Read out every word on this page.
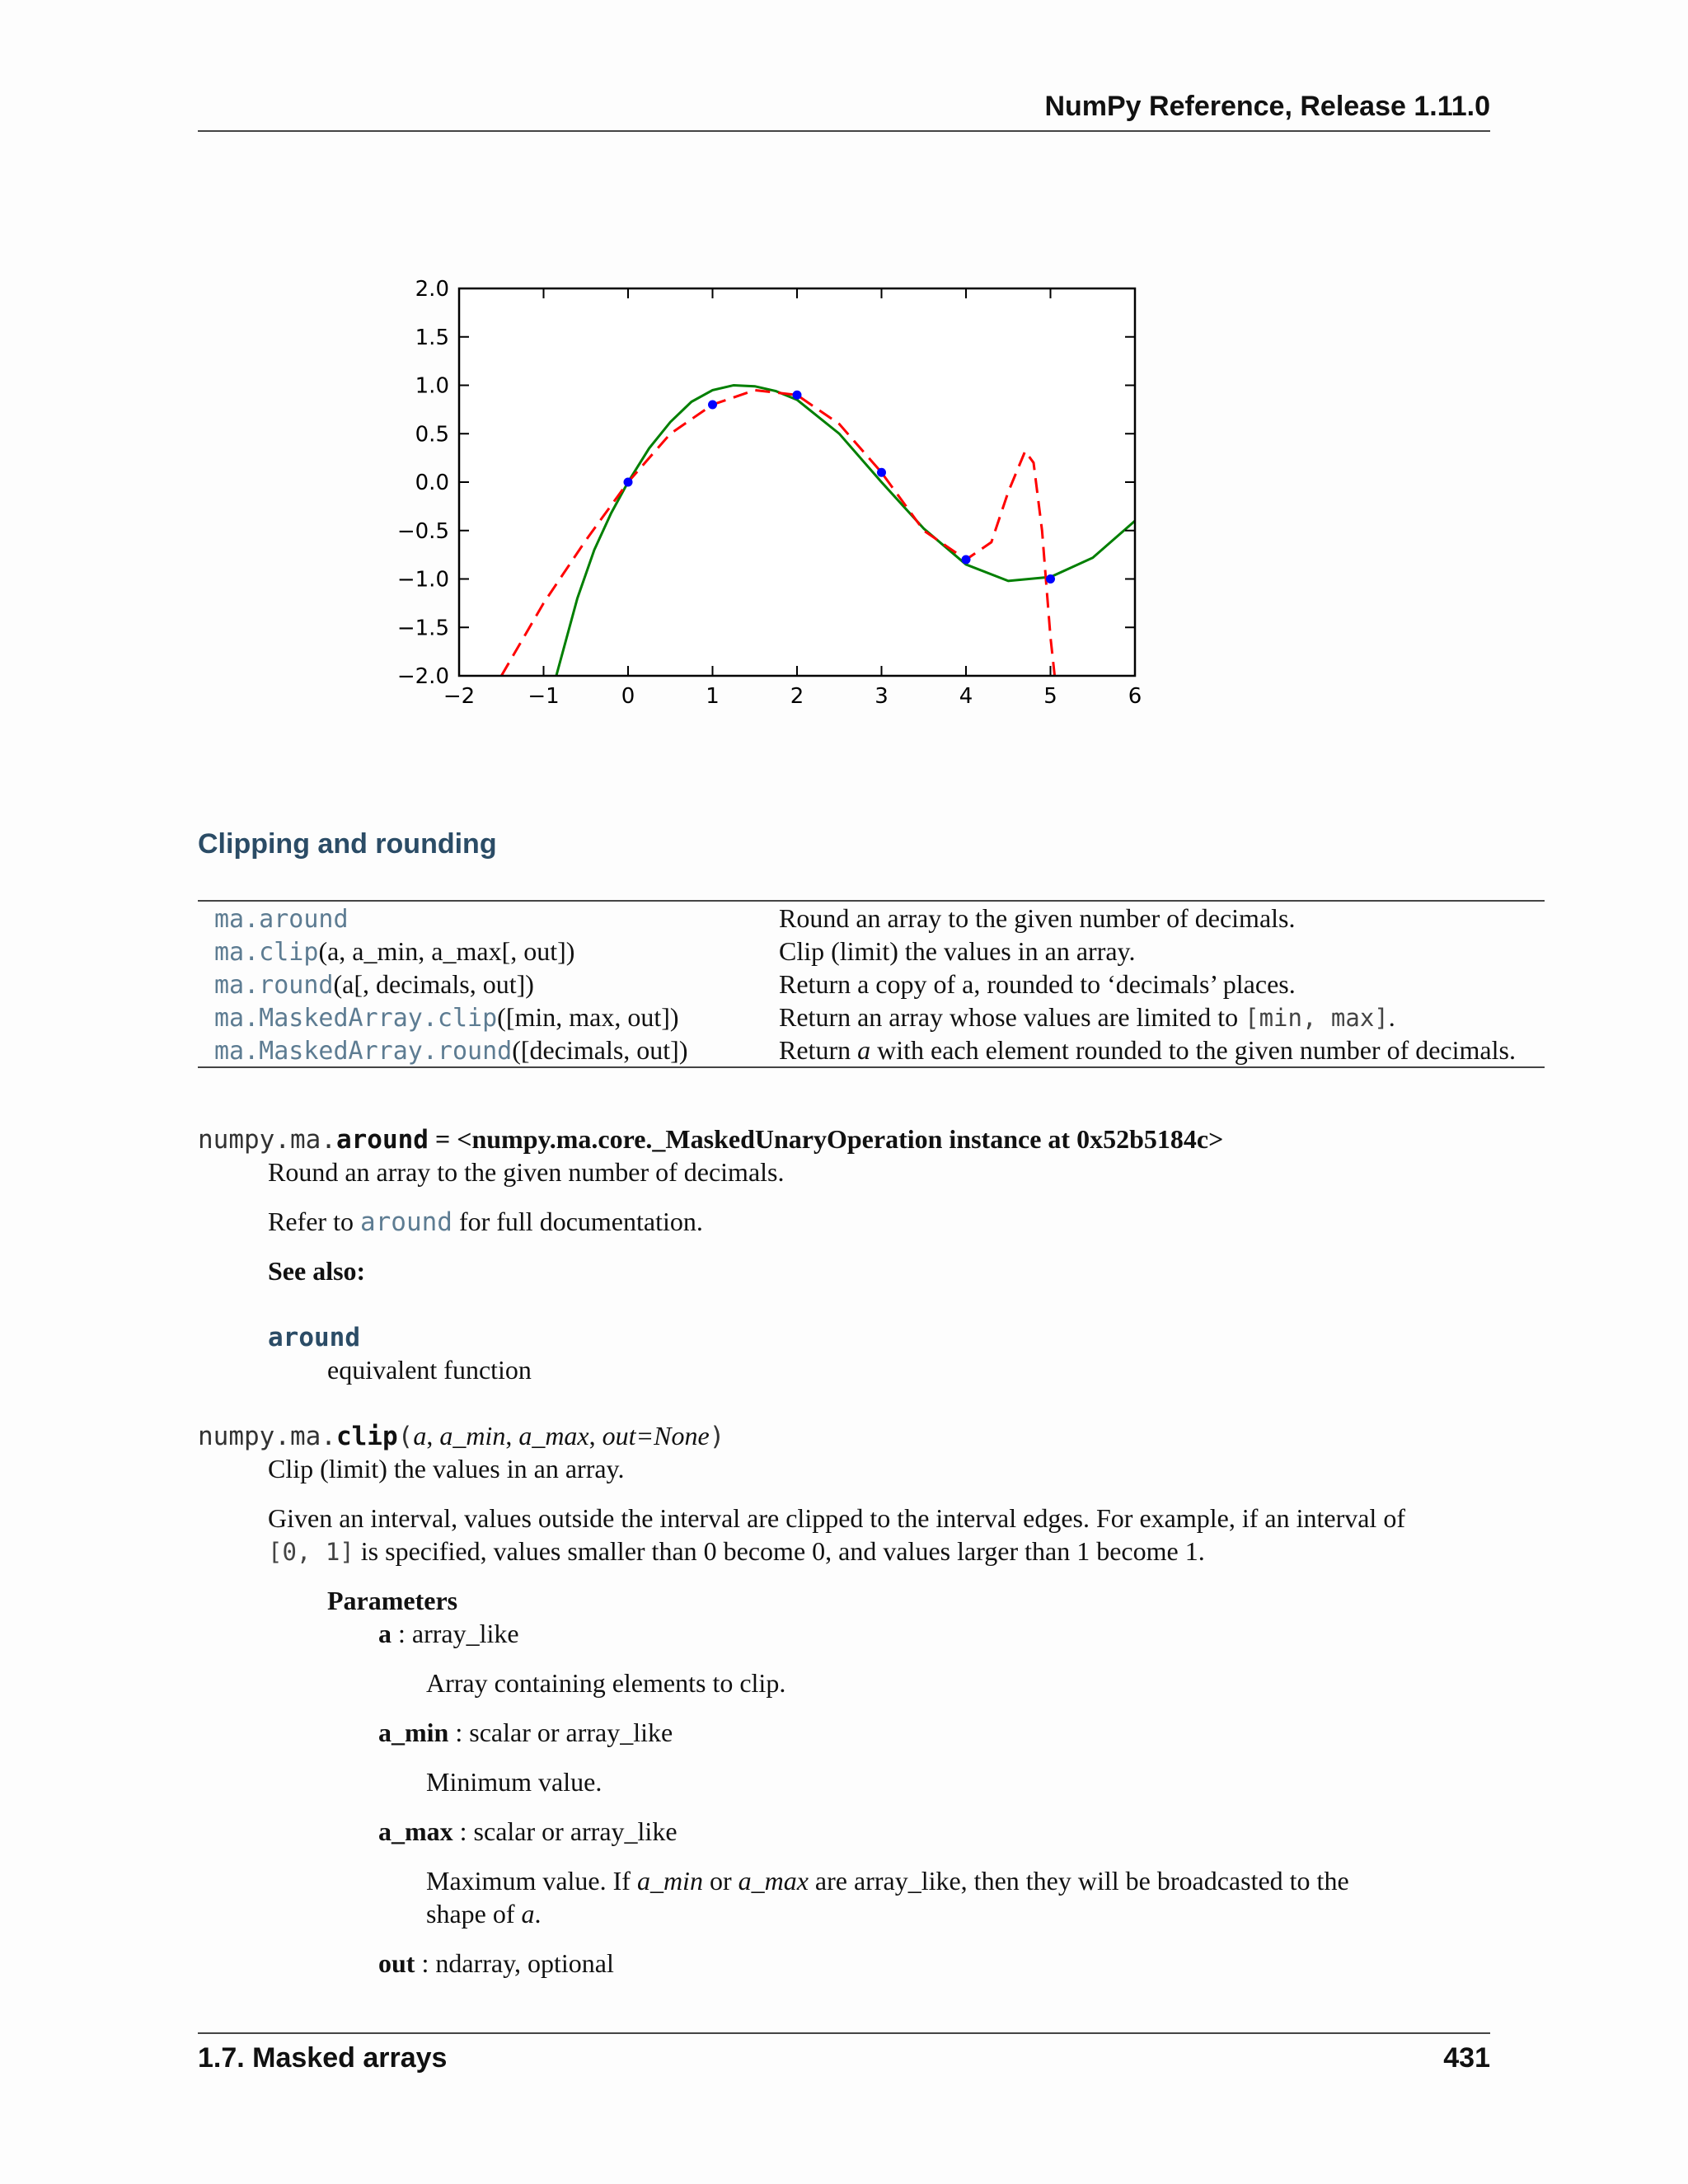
NumPy Reference, Release 1.11.0
−2 −1	0	1	2	3	4	5	6
2.0
1.5
1.0
0.5
0.0
−0.5
−1.0
−1.5
−2.0
Clipping and rounding
ma.around	Round an array to the given number of decimals.
ma.clip(a, a_min, a_max[, out])	Clip (limit) the values in an array.
ma.round(a[, decimals, out])	Return a copy of a, rounded to ‘decimals’ places.
ma.MaskedArray.clip([min, max, out])	Return an array whose values are limited to [min, max].
ma.MaskedArray.round([decimals, out])	Return a with each element rounded to the given number of decimals.
numpy.ma.around = <numpy.ma.core._MaskedUnaryOperation instance at 0x52b5184c>
Round an array to the given number of decimals.
Refer to around for full documentation.
See also:
around
equivalent function
numpy.ma.clip(a, a_min, a_max, out=None)
Clip (limit) the values in an array.
Given an interval, values outside the interval are clipped to the interval edges. For example, if an interval of
[0, 1] is specified, values smaller than 0 become 0, and values larger than 1 become 1.
Parameters
a : array_like
Array containing elements to clip.
a_min : scalar or array_like
Minimum value.
a_max : scalar or array_like
Maximum value. If a_min or a_max are array_like, then they will be broadcasted to the
shape of a.
out : ndarray, optional
1.7. Masked arrays	431
